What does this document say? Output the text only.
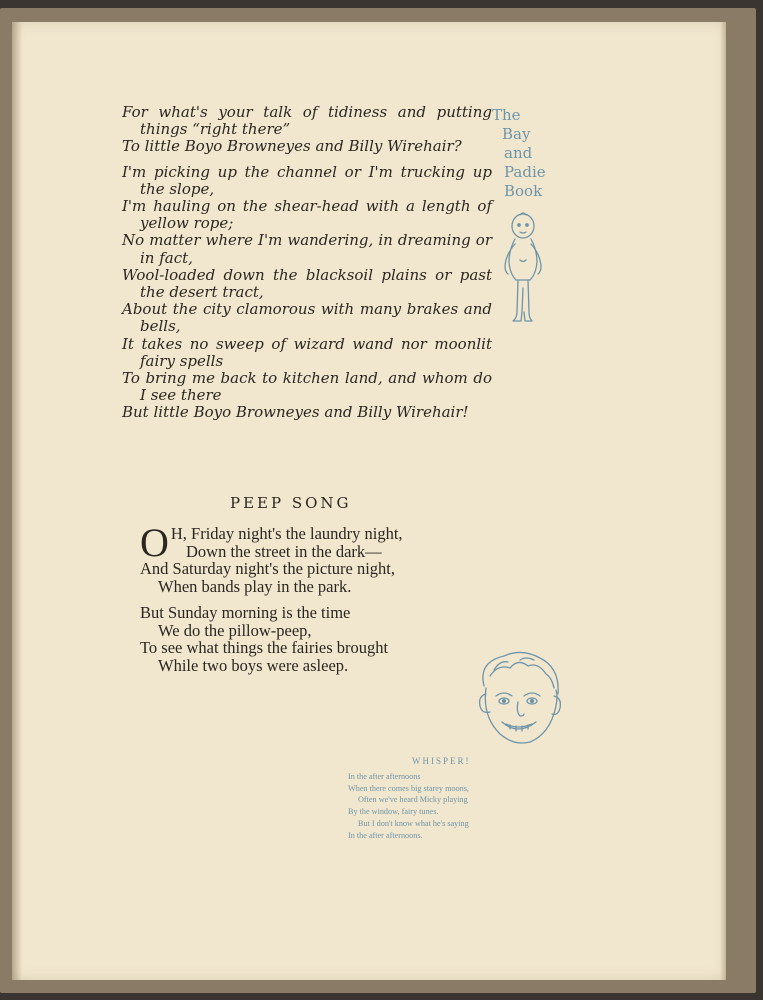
For what's your talk of tidiness and putting things “right there”
To little Boyo Browneyes and Billy Wirehair?
I'm picking up the channel or I'm trucking up the slope,
I'm hauling on the shear-head with a length of yellow rope;
No matter where I'm wandering, in dreaming or in fact,
Wool-loaded down the blacksoil plains or past the desert tract,
About the city clamorous with many brakes and bells,
It takes no sweep of wizard wand nor moonlit fairy spells
To bring me back to kitchen land, and whom do I see there
But little Boyo Browneyes and Billy Wirehair!
The
Bay
and
Padie
Book
PEEP SONG
O H, Friday night's the laundry night,
Down the street in the dark—
And Saturday night's the picture night,
When bands play in the park.
But Sunday morning is the time
We do the pillow-peep,
To see what things the fairies brought
While two boys were asleep.
WHISPER!
In the after afternoons
When there comes big starey moons,
Often we've heard Micky playing
By the window, fairy tunes.
But I don't know what he's saying
In the after afternoons.
